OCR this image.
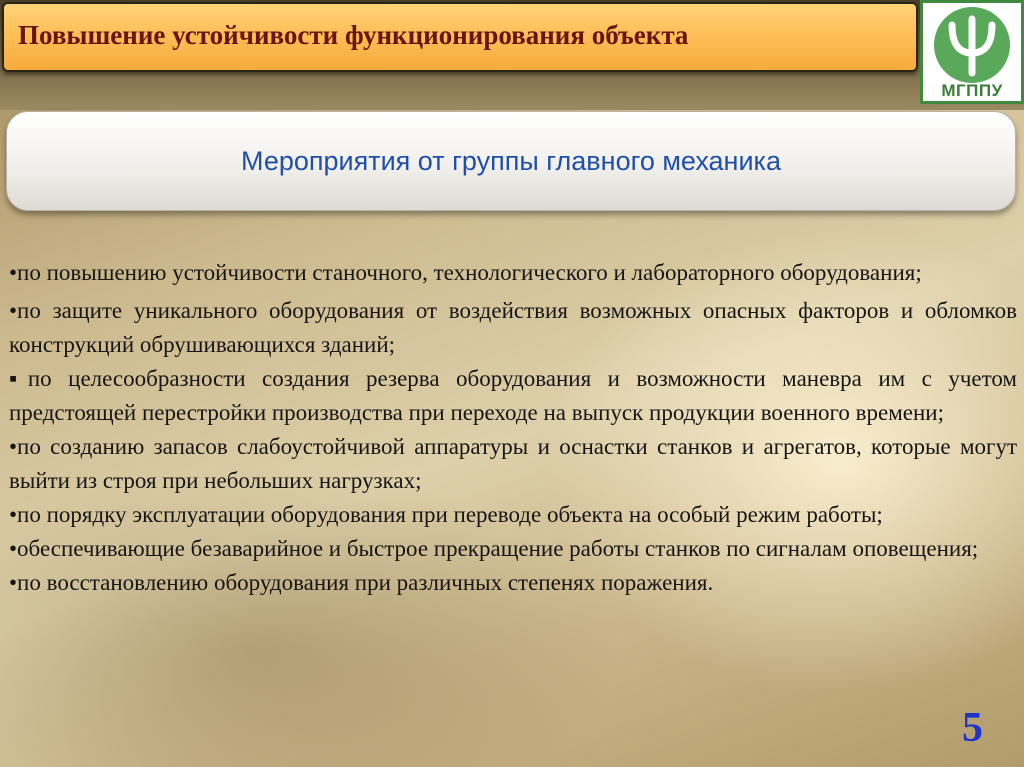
Повышение устойчивости функционирования объекта
МГППУ
Мероприятия от группы главного механика

•по повышению устойчивости станочного, технологического и лабораторного оборудования;

•по защите уникального оборудования от воздействия возможных опасных факторов и обломков конструкций обрушивающихся зданий;

▪по целесообразности создания резерва оборудования и возможности маневра им с учетом предстоящей перестройки производства при переходе на выпуск продукции военного времени;

•по созданию запасов слабоустойчивой аппаратуры и оснастки станков и агрегатов, которые могут выйти из строя при небольших нагрузках;

•по порядку эксплуатации оборудования при переводе объекта на особый режим работы;

•обеспечивающие безаварийное и быстрое прекращение работы станков по сигналам оповещения;

•по восстановлению оборудования при различных степенях поражения.

5
